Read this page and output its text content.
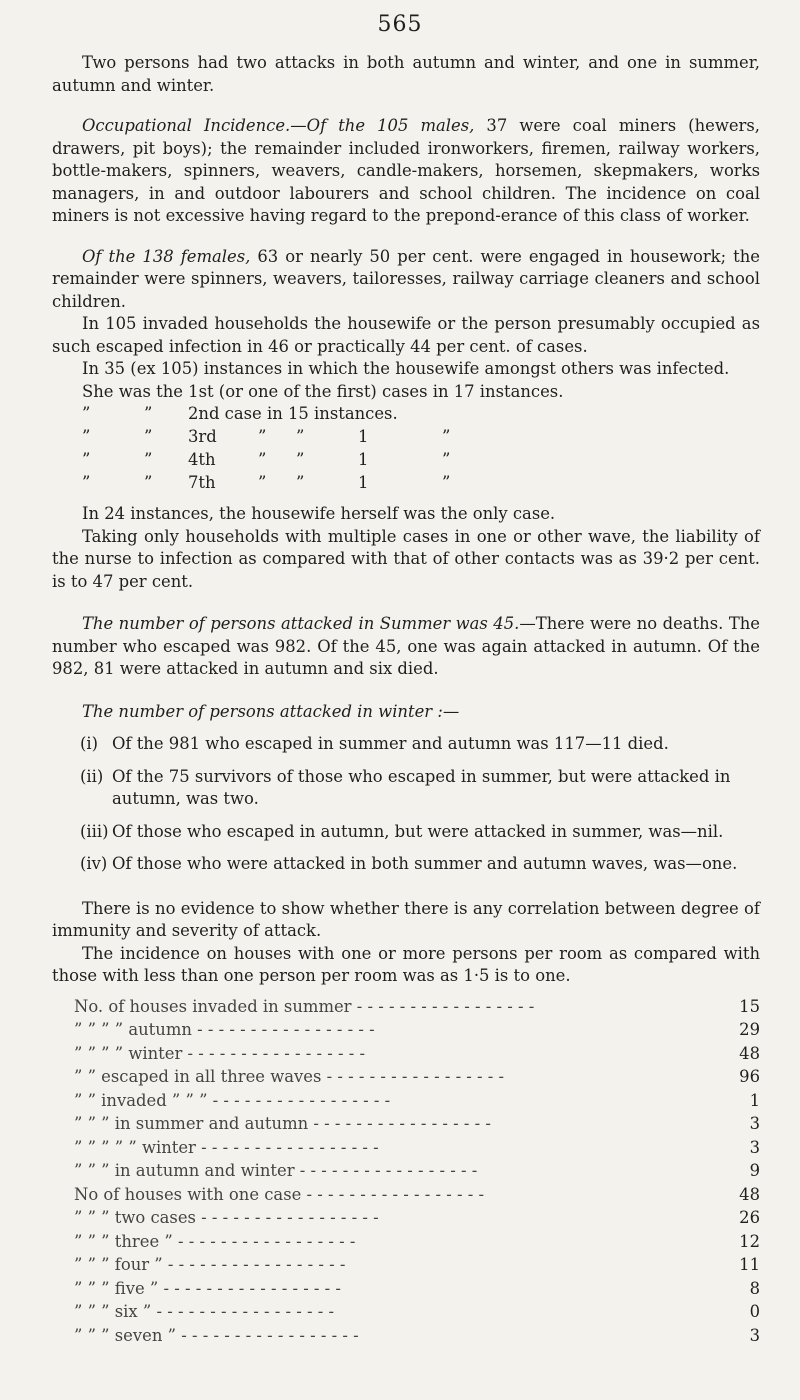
565

Two persons had two attacks in both autumn and winter, and one in summer, autumn and winter.

Occupational Incidence.—Of the 105 males, 37 were coal miners (hewers, drawers, pit boys); the remainder included ironworkers, firemen, railway workers, bottle-makers, spinners, weavers, candle-makers, horsemen, skepmakers, works managers, in and outdoor labourers and school children. The incidence on coal miners is not excessive having regard to the prepond-erance of this class of worker.

Of the 138 females, 63 or nearly 50 per cent. were engaged in housework; the remainder were spinners, weavers, tailoresses, railway carriage cleaners and school children.

In 105 invaded households the housewife or the person presumably occupied as such escaped infection in 46 or practically 44 per cent. of cases.

In 35 (ex 105) instances in which the housewife amongst others was infected.

She was the 1st (or one of the first) cases in 17 instances.

”	” 2nd case in 15 instances.
”	” 3rd	” ”	1	”
”	” 4th	” ”	1	”
”	” 7th	” ”	1	”

In 24 instances, the housewife herself was the only case.

Taking only households with multiple cases in one or other wave, the liability of the nurse to infection as compared with that of other contacts was as 39·2 per cent. is to 47 per cent.

The number of persons attacked in Summer was 45.—There were no deaths. The number who escaped was 982. Of the 45, one was again attacked in autumn. Of the 982, 81 were attacked in autumn and six died.

The number of persons attacked in winter :—

(i) Of the 981 who escaped in summer and autumn was 117—11 died.
(ii) Of the 75 survivors of those who escaped in summer, but were attacked in autumn, was two.
(iii) Of those who escaped in autumn, but were attacked in summer, was—nil.
(iv) Of those who were attacked in both summer and autumn waves, was—one.

There is no evidence to show whether there is any correlation between degree of immunity and severity of attack.

The incidence on houses with one or more persons per room as compared with those with less than one person per room was as 1·5 is to one.

No. of houses invaded in summer - - - - - - - - - - - - - - - - -	15
” ” ” ” autumn - - - - - - - - - - - - - - - - -	29
” ” ” ” winter - - - - - - - - - - - - - - - - -	48
” ” escaped in all three waves - - - - - - - - - - - - - - - - -	96
” ” invaded ” ” ” - - - - - - - - - - - - - - - - -	1
” ” ” in summer and autumn - - - - - - - - - - - - - - - - -	3
” ” ” ” ” winter - - - - - - - - - - - - - - - - -	3
” ” ” in autumn and winter - - - - - - - - - - - - - - - - -	9
No of houses with one case - - - - - - - - - - - - - - - - -	48
” ” ” two cases - - - - - - - - - - - - - - - - -	26
” ” ” three ” - - - - - - - - - - - - - - - - -	12
” ” ” four ” - - - - - - - - - - - - - - - - -	11
” ” ” five ” - - - - - - - - - - - - - - - - -	8
” ” ” six ” - - - - - - - - - - - - - - - - -	0
” ” ” seven ” - - - - - - - - - - - - - - - - -	3
